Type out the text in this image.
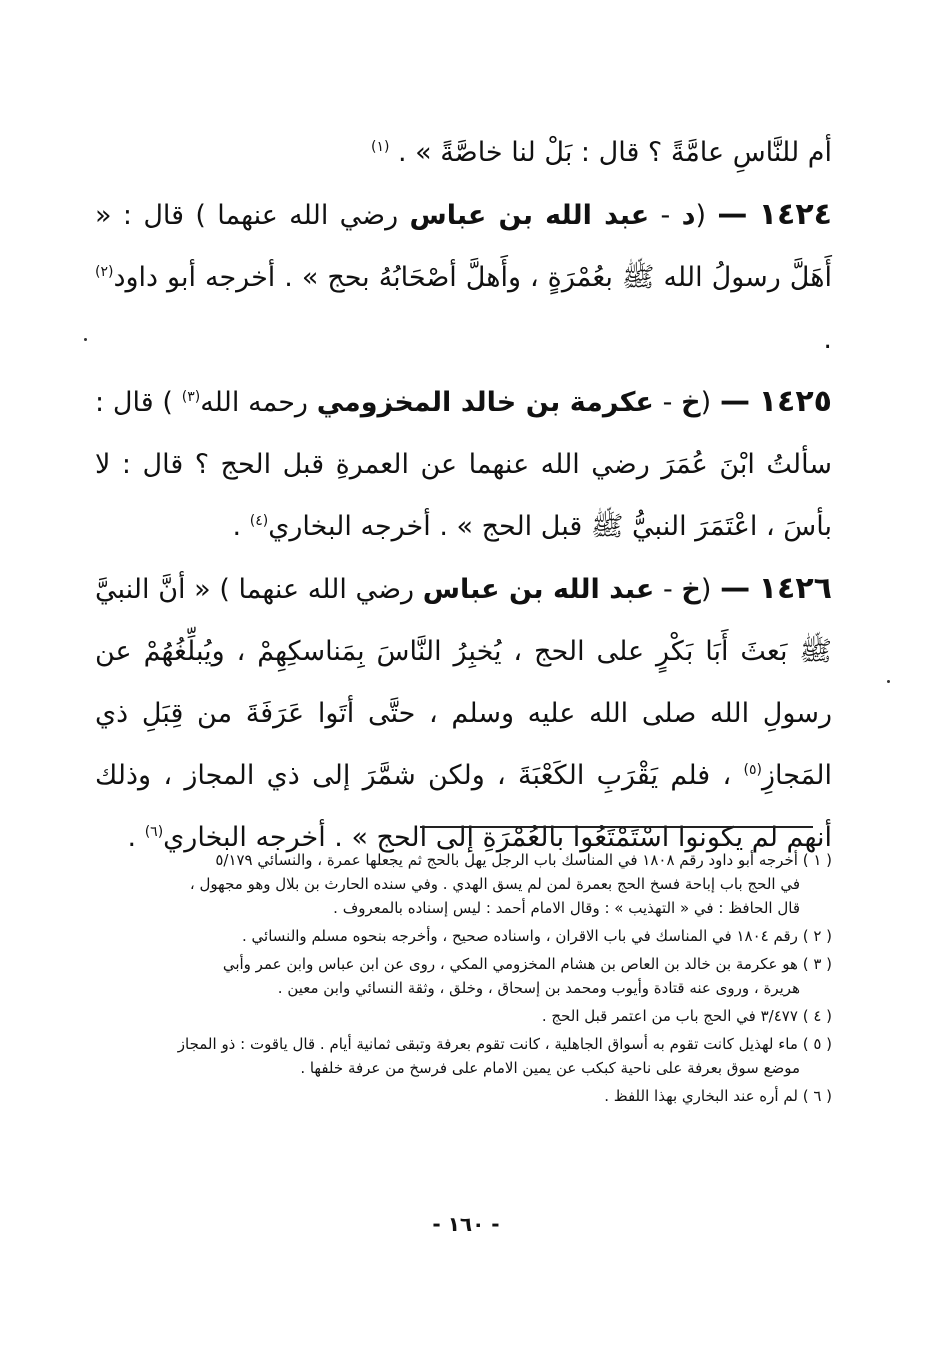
أم للنَّاسِ عامَّةً ؟ قال : بَلْ لنا خاصَّةً » . $^{(١)}$

١٤٢٤ — (د - عبد الله بن عباس رضي الله عنهما ) قال : « أَهَلَّ رسولُ الله ﷺ بعُمْرَةٍ ، وأَهلَّ أصْحَابُهُ بحج » . أخرجه أبو داود$^{(٢)}$ .

١٤٢٥ — (خ - عكرمة بن خالد المخزومي رحمه الله$^{(٣)}$ ) قال : سألتُ ابْنَ عُمَرَ رضي الله عنهما عن العمرةِ قبل الحج ؟ قال : لا بأسَ ، اعْتَمَرَ النبيُّ ﷺ قبل الحج » . أخرجه البخاري$^{(٤)}$ .

١٤٢٦ — (خ - عبد الله بن عباس رضي الله عنهما ) « أنَّ النبيَّ ﷺ بَعثَ أَبَا بَكْرٍ على الحج ، يُخبِرُ النَّاسَ بِمَناسكِهِمْ ، ويُبلِّغُهُمْ عن رسولِ الله صلى الله عليه وسلم ، حتَّى أتَوا عَرَفَةَ من قِبَلِ ذي المَجازِ$^{(٥)}$ ، فلم يَقْرَبِ الكَعْبَةَ ، ولكن شمَّرَ إلى ذي المجاز ، وذلك أنهم لم يكونوا اسْتَمْتَعُوا بالعُمْرَةِ إلى الحج » . أخرجه البخاري$^{(٦)}$ .

( ١ ) أخرجه أبو داود رقم ١٨٠٨ في المناسك باب الرجل يهل بالحج ثم يجعلها عمرة ، والنسائي ٥/١٧٩
في الحج باب إباحة فسخ الحج بعمرة لمن لم يسق الهدي . وفي سنده الحارث بن بلال وهو مجهول ،
قال الحافظ : في « التهذيب » : وقال الامام أحمد : ليس إسناده بالمعروف .
( ٢ ) رقم ١٨٠٤ في المناسك في باب الاقران ، واسناده صحيح ، وأخرجه بنحوه مسلم والنسائي .
( ٣ ) هو عكرمة بن خالد بن العاص بن هشام المخزومي المكي ، روى عن ابن عباس وابن عمر وأبي
هريرة ، وروى عنه قتادة وأيوب ومحمد بن إسحاق ، وخلق ، وثقة النسائي وابن معين .
( ٤ ) ٣/٤٧٧ في الحج باب من اعتمر قبل الحج .
( ٥ ) ماء لهذيل كانت تقوم به أسواق الجاهلية ، كانت تقوم بعرفة وتبقى ثمانية أيام . قال ياقوت : ذو المجاز
موضع سوق بعرفة على ناحية كبكب عن يمين الامام على فرسخ من عرفة خلفها .
( ٦ ) لم أره عند البخاري بهذا اللفظ .
- ١٦٠ -
